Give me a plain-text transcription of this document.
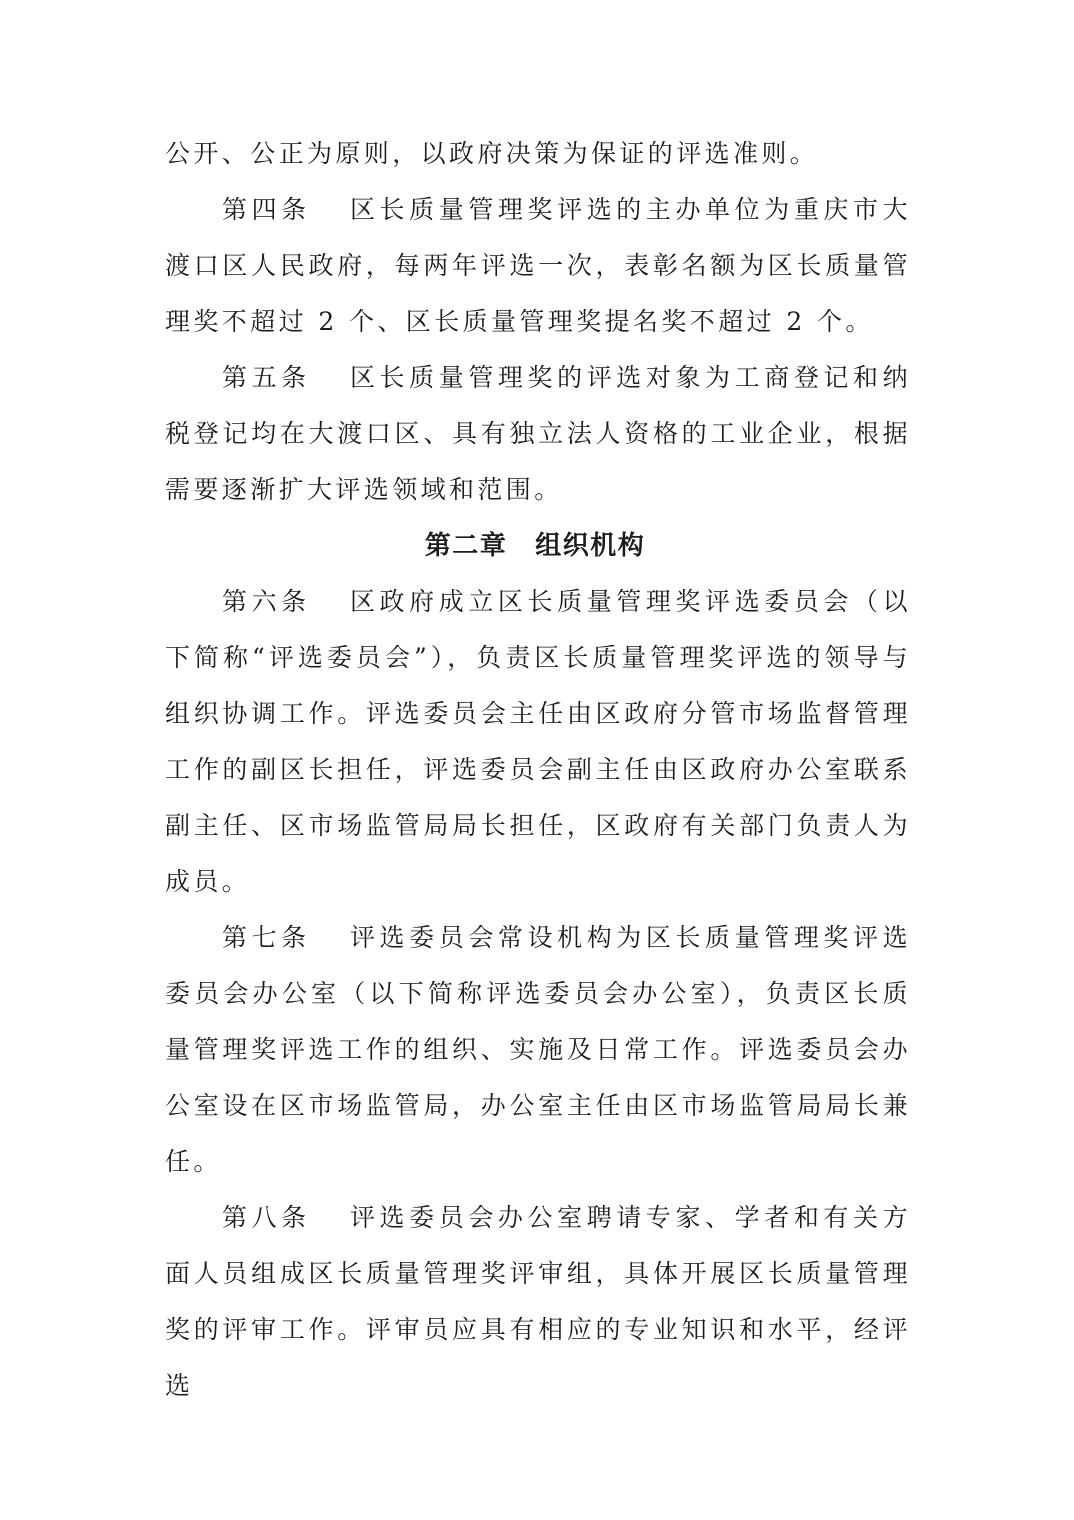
公开、公正为原则，以政府决策为保证的评选准则。

第四条 区长质量管理奖评选的主办单位为重庆市大渡口区人民政府，每两年评选一次，表彰名额为区长质量管理奖不超过 2 个、区长质量管理奖提名奖不超过 2 个。

第五条 区长质量管理奖的评选对象为工商登记和纳税登记均在大渡口区、具有独立法人资格的工业企业，根据需要逐渐扩大评选领域和范围。

第二章 组织机构

第六条 区政府成立区长质量管理奖评选委员会（以下简称“评选委员会”），负责区长质量管理奖评选的领导与组织协调工作。评选委员会主任由区政府分管市场监督管理工作的副区长担任，评选委员会副主任由区政府办公室联系副主任、区市场监管局局长担任，区政府有关部门负责人为成员。

第七条 评选委员会常设机构为区长质量管理奖评选委员会办公室（以下简称评选委员会办公室），负责区长质量管理奖评选工作的组织、实施及日常工作。评选委员会办公室设在区市场监管局，办公室主任由区市场监管局局长兼任。

第八条 评选委员会办公室聘请专家、学者和有关方面人员组成区长质量管理奖评审组，具体开展区长质量管理奖的评审工作。评审员应具有相应的专业知识和水平，经评选
